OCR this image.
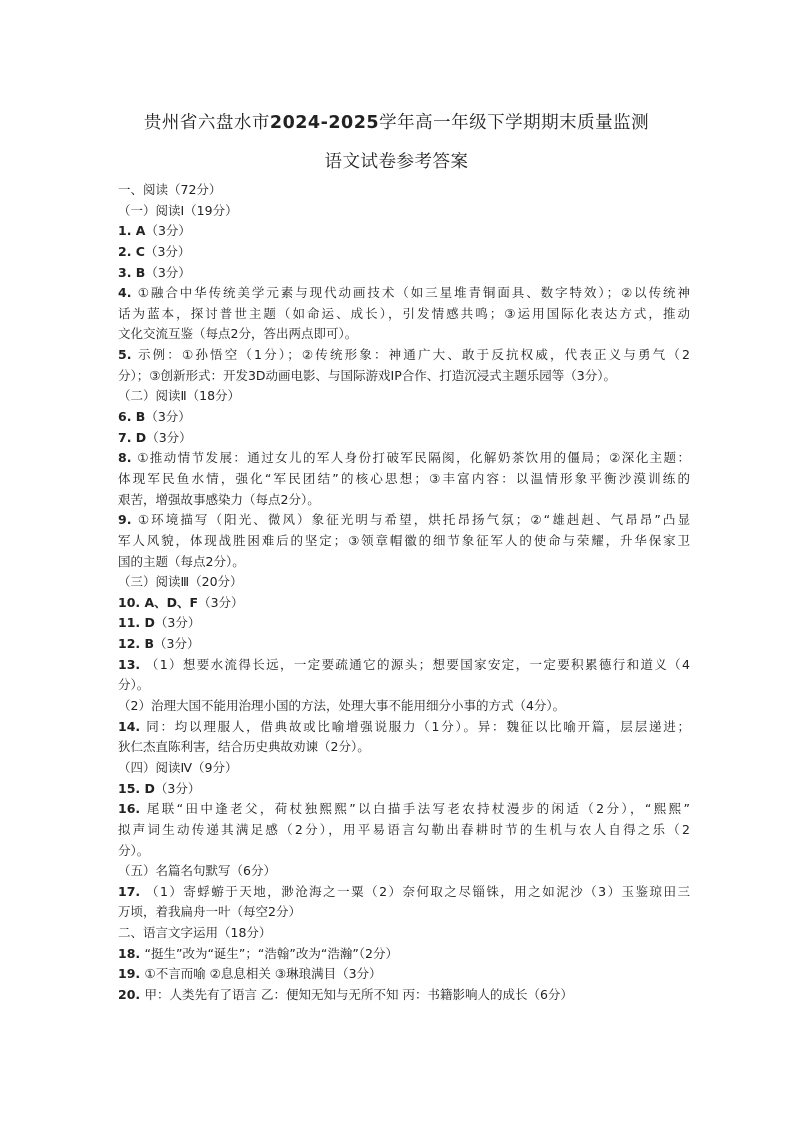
贵州省六盘水市2024-2025学年高一年级下学期期末质量监测
语文试卷参考答案
一、阅读（72分）
（一）阅读Ⅰ（19分）
1. A（3分）
2. C（3分）
3. B（3分）
4. ①融合中华传统美学元素与现代动画技术（如三星堆青铜面具、数字特效）；②以传统神
话为蓝本，探讨普世主题（如命运、成长），引发情感共鸣；③运用国际化表达方式，推动
文化交流互鉴（每点2分，答出两点即可）。
5. 示例：①孙悟空（1分）；②传统形象：神通广大、敢于反抗权威，代表正义与勇气（2
分）；③创新形式：开发3D动画电影、与国际游戏IP合作、打造沉浸式主题乐园等（3分）。
（二）阅读Ⅱ（18分）
6. B（3分）
7. D（3分）
8. ①推动情节发展：通过女儿的军人身份打破军民隔阂，化解奶茶饮用的僵局；②深化主题：
体现军民鱼水情，强化“军民团结”的核心思想；③丰富内容：以温情形象平衡沙漠训练的
艰苦，增强故事感染力（每点2分）。
9. ①环境描写（阳光、微风）象征光明与希望，烘托昂扬气氛；②“雄赳赳、气昂昂”凸显
军人风貌，体现战胜困难后的坚定；③领章帽徽的细节象征军人的使命与荣耀，升华保家卫
国的主题（每点2分）。
（三）阅读Ⅲ（20分）
10. A、D、F（3分）
11. D（3分）
12. B（3分）
13. （1）想要水流得长远，一定要疏通它的源头；想要国家安定，一定要积累德行和道义（4
分）。
（2）治理大国不能用治理小国的方法，处理大事不能用细分小事的方式（4分）。
14. 同：均以理服人，借典故或比喻增强说服力（1分）。异：魏征以比喻开篇，层层递进；
狄仁杰直陈利害，结合历史典故劝谏（2分）。
（四）阅读Ⅳ（9分）
15. D（3分）
16. 尾联“田中逢老父，荷杖独熙熙”以白描手法写老农持杖漫步的闲适（2分），“熙熙”
拟声词生动传递其满足感（2分），用平易语言勾勒出春耕时节的生机与农人自得之乐（2
分）。
（五）名篇名句默写（6分）
17. （1）寄蜉蝣于天地，渺沧海之一粟（2）奈何取之尽锱铢，用之如泥沙（3）玉鉴琼田三
万顷，着我扁舟一叶（每空2分）
二、语言文字运用（18分）
18. “挺生”改为“诞生”；“浩翰”改为“浩瀚”（2分）
19. ①不言而喻 ②息息相关 ③琳琅满目（3分）
20. 甲：人类先有了语言 乙：便知无知与无所不知 丙：书籍影响人的成长（6分）
